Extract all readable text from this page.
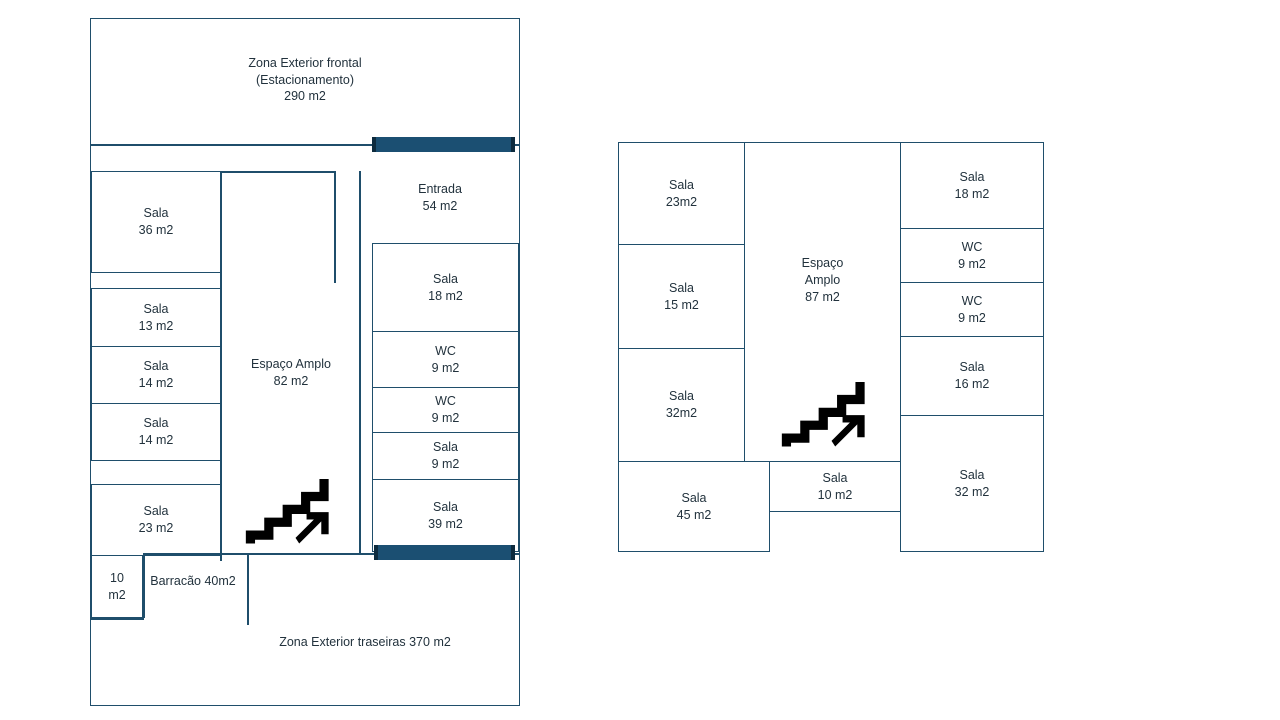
Zona Exterior frontal
(Estacionamento)
290 m2
Sala
36 m2
Sala
13 m2
Sala
14 m2
Sala
14 m2
Sala
23 m2
10
m2
Barracão 40m2
Espaço Amplo 82 m2
Entrada
54 m2
Sala
18 m2
WC
9 m2
WC
9 m2
Sala
9 m2
Sala
39 m2
Zona Exterior traseiras 370 m2
Sala
23m2
Sala
15 m2
Sala
32m2
Sala
45 m2
Espaço
Amplo
87 m2
Sala
10 m2
Sala
18 m2
WC
9 m2
WC
9 m2
Sala
16 m2
Sala
32 m2
